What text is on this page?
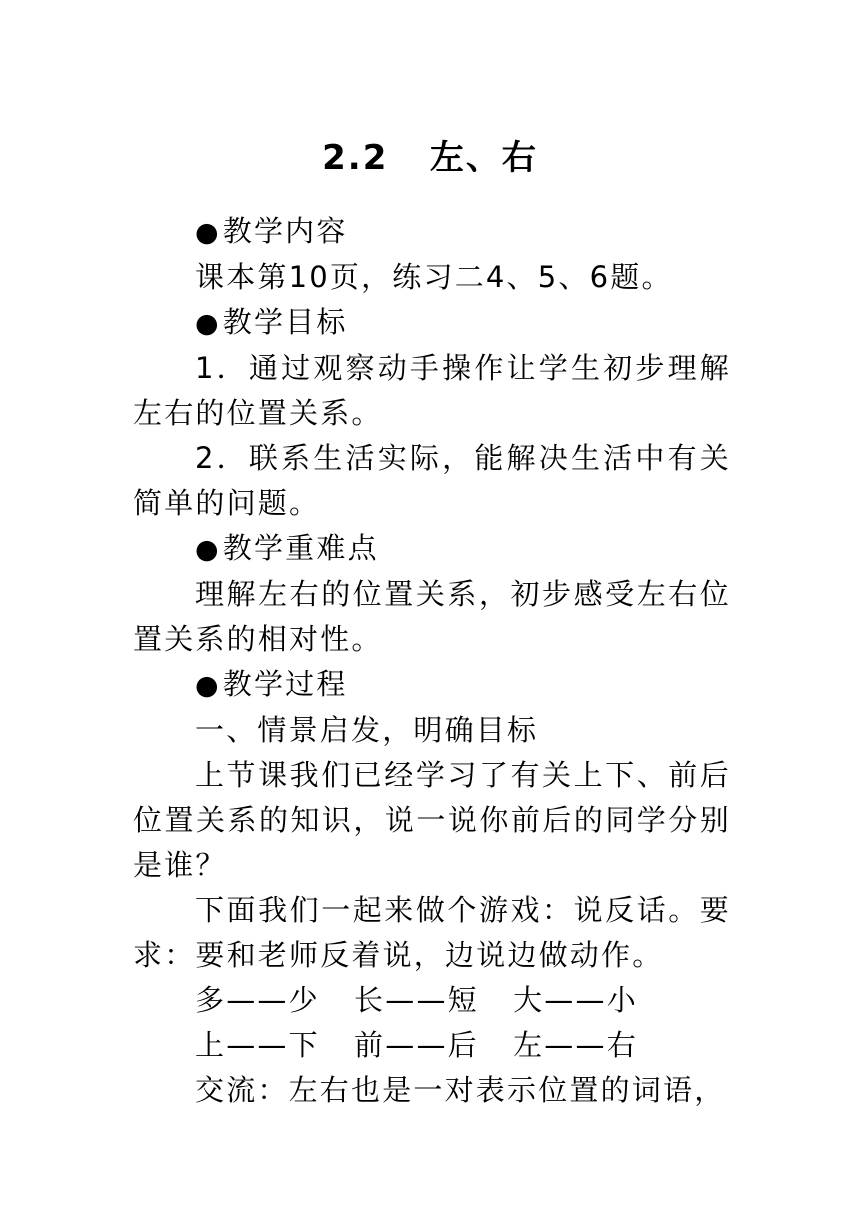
2.2   左、右

●教学内容

课本第10页，练习二4、5、6题。

●教学目标

1．通过观察动手操作让学生初步理解左右的位置关系。

2．联系生活实际，能解决生活中有关简单的问题。

●教学重难点

理解左右的位置关系，初步感受左右位置关系的相对性。

●教学过程

一、情景启发，明确目标

上节课我们已经学习了有关上下、前后位置关系的知识，说一说你前后的同学分别是谁？

下面我们一起来做个游戏：说反话。要求：要和老师反着说，边说边做动作。

多——少   长——短   大——小

上——下   前——后   左——右

交流：左右也是一对表示位置的词语，
